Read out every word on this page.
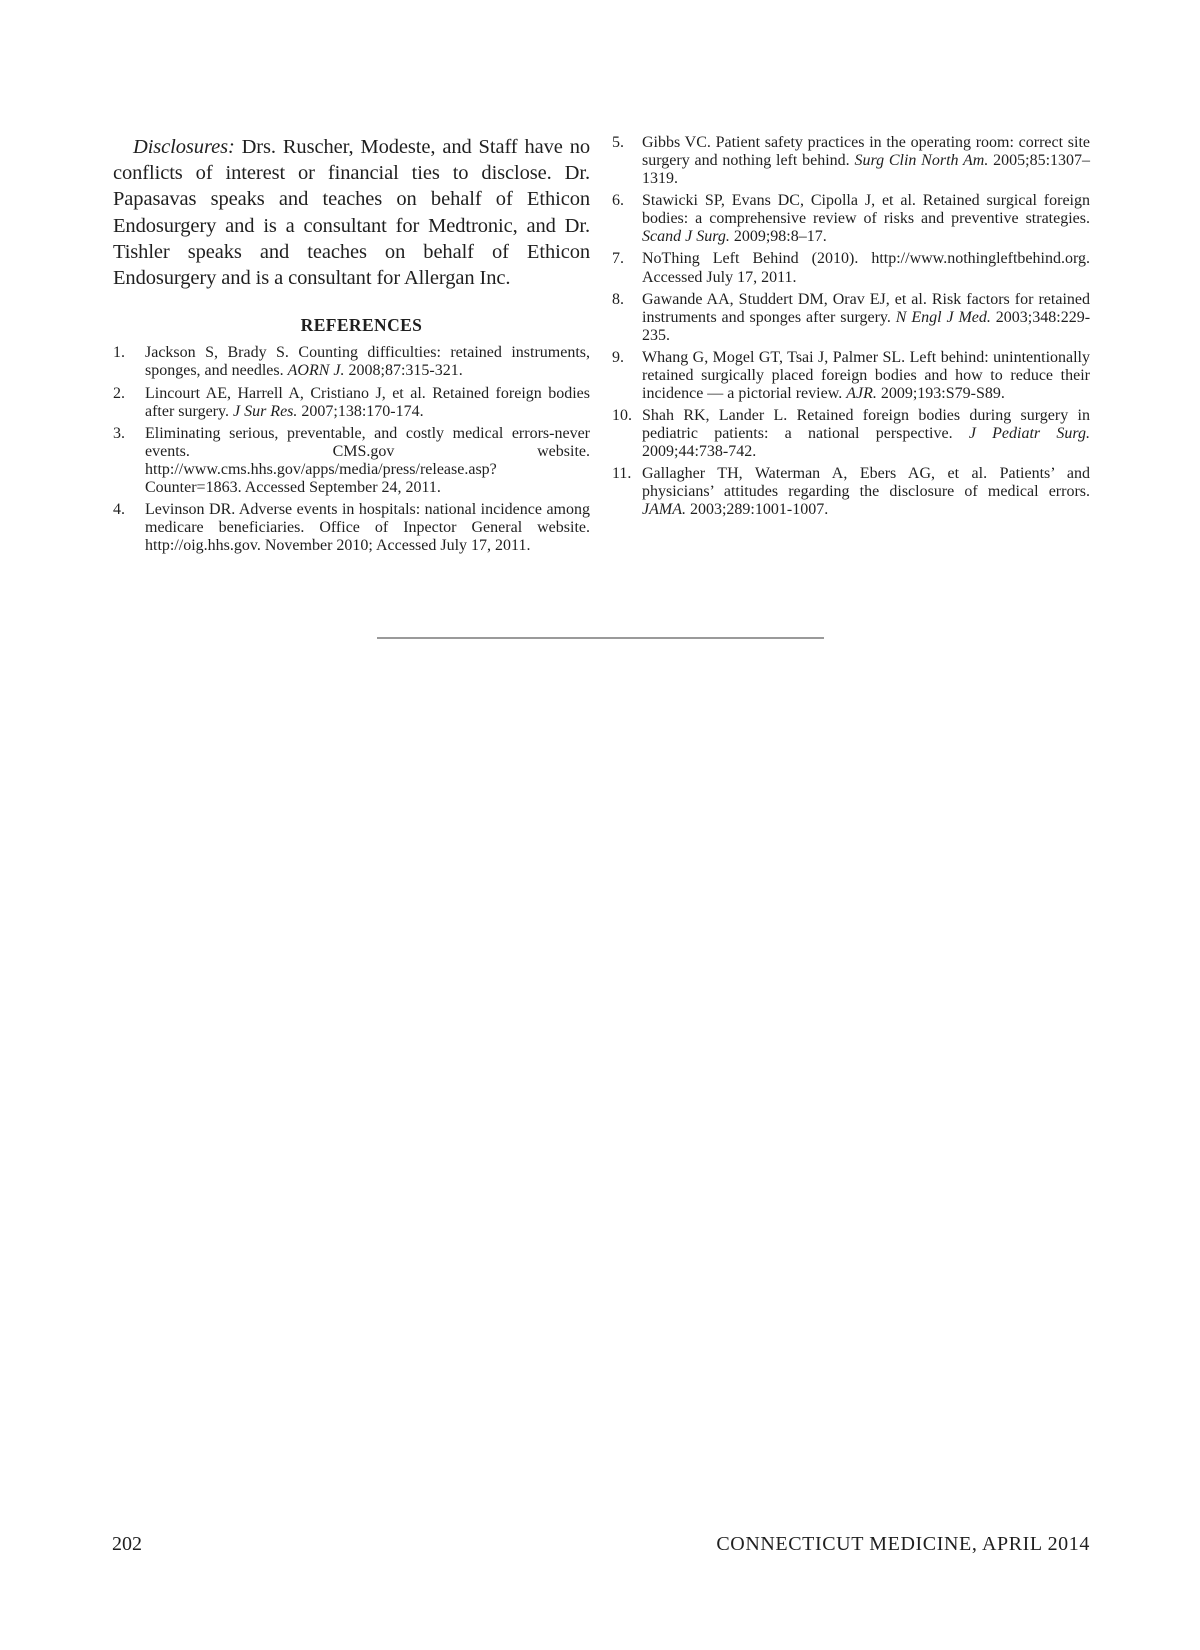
Disclosures: Drs. Ruscher, Modeste, and Staff have no conflicts of interest or financial ties to disclose. Dr. Papasavas speaks and teaches on behalf of Ethicon Endosurgery and is a consultant for Medtronic, and Dr. Tishler speaks and teaches on behalf of Ethicon Endosurgery and is a consultant for Allergan Inc.

REFERENCES
1. Jackson S, Brady S. Counting difficulties: retained instruments, sponges, and needles. AORN J. 2008;87:315-321.
2. Lincourt AE, Harrell A, Cristiano J, et al. Retained foreign bodies after surgery. J Sur Res. 2007;138:170-174.
3. Eliminating serious, preventable, and costly medical errors-never events. CMS.gov website. http://www.cms.hhs.gov/apps/media/press/release.asp?Counter=1863. Accessed September 24, 2011.
4. Levinson DR. Adverse events in hospitals: national incidence among medicare beneficiaries. Office of Inpector General website. http://oig.hhs.gov. November 2010; Accessed July 17, 2011.
5. Gibbs VC. Patient safety practices in the operating room: correct site surgery and nothing left behind. Surg Clin North Am. 2005;85:1307–1319.
6. Stawicki SP, Evans DC, Cipolla J, et al. Retained surgical foreign bodies: a comprehensive review of risks and preventive strategies. Scand J Surg. 2009;98:8–17.
7. NoThing Left Behind (2010). http://www.nothingleftbehind.org. Accessed July 17, 2011.
8. Gawande AA, Studdert DM, Orav EJ, et al. Risk factors for retained instruments and sponges after surgery. N Engl J Med. 2003;348:229-235.
9. Whang G, Mogel GT, Tsai J, Palmer SL. Left behind: unintentionally retained surgically placed foreign bodies and how to reduce their incidence — a pictorial review. AJR. 2009;193:S79-S89.
10. Shah RK, Lander L. Retained foreign bodies during surgery in pediatric patients: a national perspective. J Pediatr Surg. 2009;44:738-742.
11. Gallagher TH, Waterman A, Ebers AG, et al. Patients’ and physicians’ attitudes regarding the disclosure of medical errors. JAMA. 2003;289:1001-1007.
202	CONNECTICUT MEDICINE, APRIL 2014
